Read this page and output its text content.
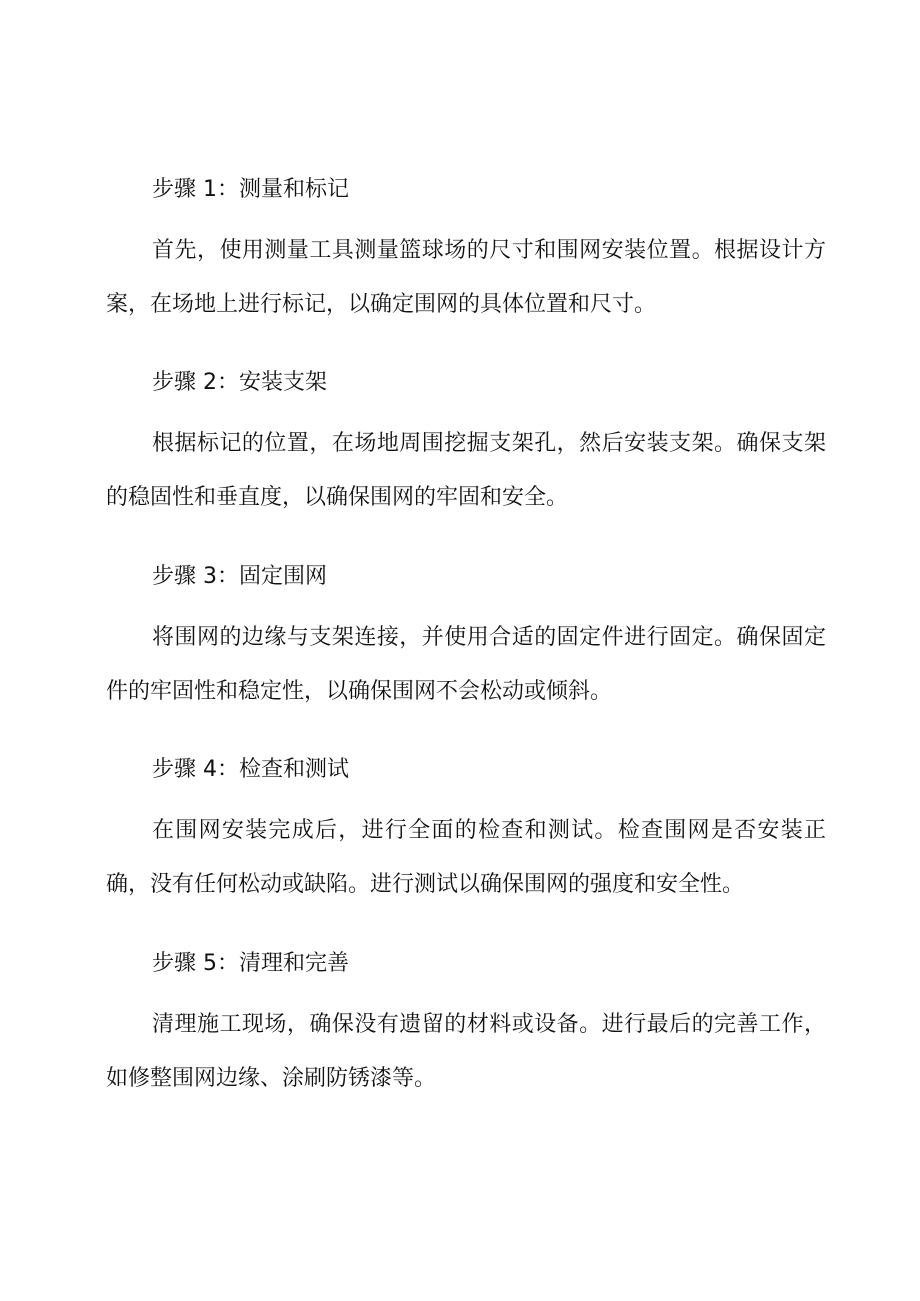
步骤 1：测量和标记

首先，使用测量工具测量篮球场的尺寸和围网安装位置。根据设计方案，在场地上进行标记，以确定围网的具体位置和尺寸。

步骤 2：安装支架

根据标记的位置，在场地周围挖掘支架孔，然后安装支架。确保支架的稳固性和垂直度，以确保围网的牢固和安全。

步骤 3：固定围网

将围网的边缘与支架连接，并使用合适的固定件进行固定。确保固定件的牢固性和稳定性，以确保围网不会松动或倾斜。

步骤 4：检查和测试

在围网安装完成后，进行全面的检查和测试。检查围网是否安装正确，没有任何松动或缺陷。进行测试以确保围网的强度和安全性。

步骤 5：清理和完善

清理施工现场，确保没有遗留的材料或设备。进行最后的完善工作，如修整围网边缘、涂刷防锈漆等。
